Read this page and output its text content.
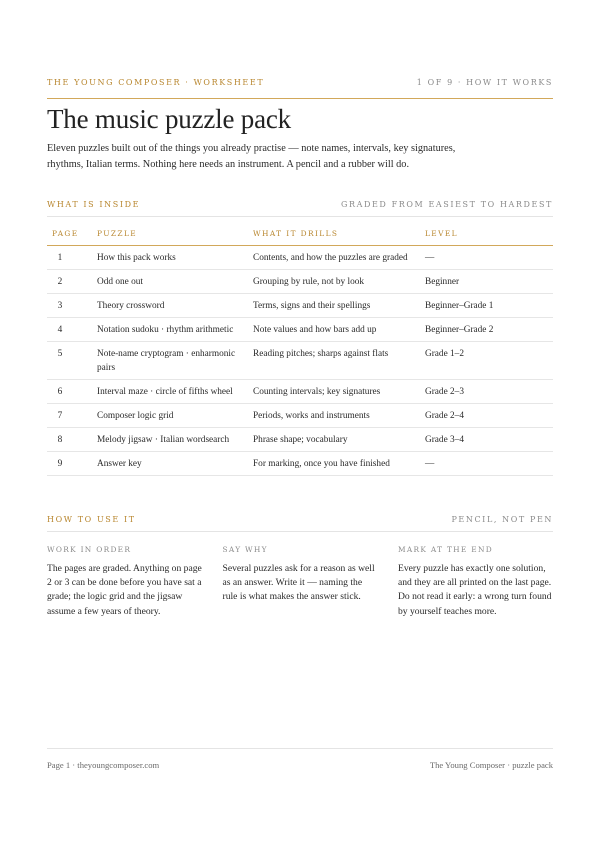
THE YOUNG COMPOSER · WORKSHEET	1 OF 9 · HOW IT WORKS
The music puzzle pack

Eleven puzzles built out of the things you already practise — note names, intervals, key signatures, rhythms, Italian terms. Nothing here needs an instrument. A pencil and a rubber will do.

WHAT IS INSIDE	GRADED FROM EASIEST TO HARDEST
PAGE	PUZZLE	WHAT IT DRILLS	LEVEL
1	How this pack works	Contents, and how the puzzles are graded	—
2	Odd one out	Grouping by rule, not by look	Beginner
3	Theory crossword	Terms, signs and their spellings	Beginner–Grade 1
4	Notation sudoku · rhythm arithmetic	Note values and how bars add up	Beginner–Grade 2
5	Note-name cryptogram · enharmonic pairs	Reading pitches; sharps against flats	Grade 1–2
6	Interval maze · circle of fifths wheel	Counting intervals; key signatures	Grade 2–3
7	Composer logic grid	Periods, works and instruments	Grade 2–4
8	Melody jigsaw · Italian wordsearch	Phrase shape; vocabulary	Grade 3–4
9	Answer key	For marking, once you have finished	—
HOW TO USE IT	PENCIL, NOT PEN
WORK IN ORDER
The pages are graded. Anything on page 2 or 3 can be done before you have sat a grade; the logic grid and the jigsaw assume a few years of theory.
SAY WHY
Several puzzles ask for a reason as well as an answer. Write it — naming the rule is what makes the answer stick.
MARK AT THE END
Every puzzle has exactly one solution, and they are all printed on the last page. Do not read it early: a wrong turn found by yourself teaches more.
Page 1 · theyoungcomposer.com	The Young Composer · puzzle pack
